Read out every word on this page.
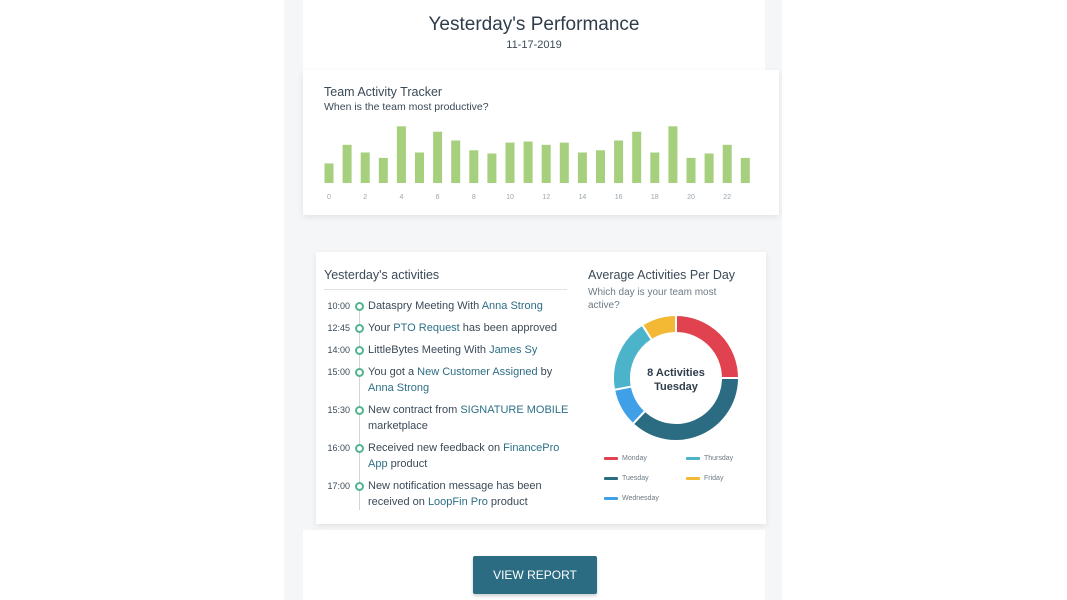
Yesterday's Performance
11-17-2019
0	2	4	6	8	10	12	14	16	18	20	22
Team Activity Tracker
When is the team most productive?
Yesterday's activities
10:00 Dataspry Meeting With Anna Strong
12:45 Your PTO Request has been approved
14:00 LittleBytes Meeting With James Sy
15:00 You got a New Customer Assigned by Anna Strong
15:30 New contract from SIGNATURE MOBILE marketplace
16:00 Received new feedback on FinancePro App product
17:00 New notification message has been received on LoopFin Pro product
Average Activities Per Day
Which day is your team most active?
8 Activities
Tuesday
Monday	Thursday
Tuesday	Friday
Wednesday
VIEW REPORT
